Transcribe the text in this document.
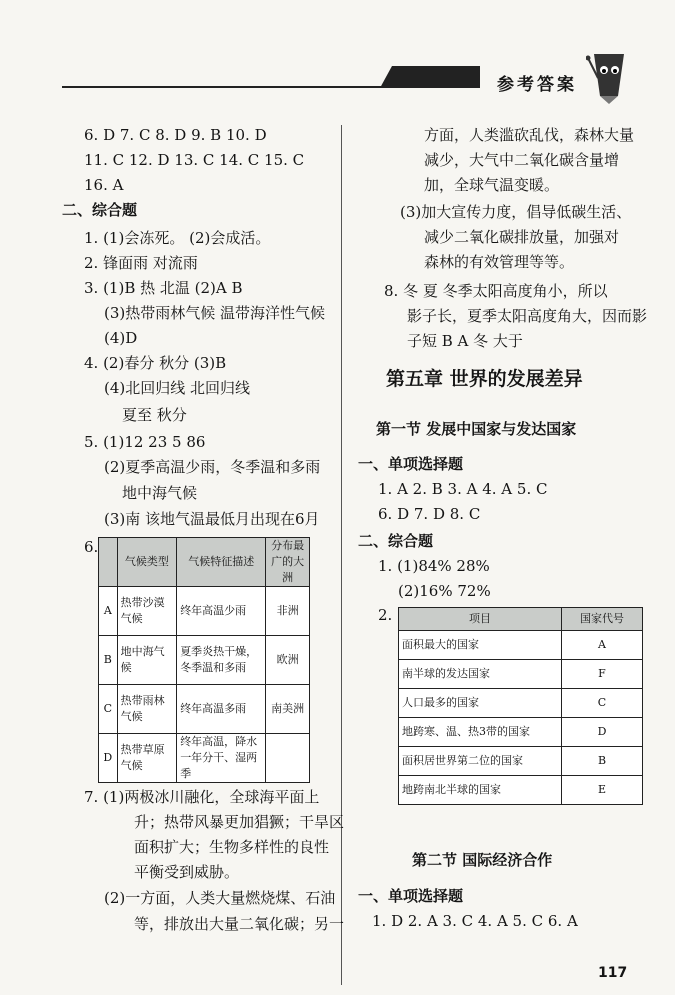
参考答案
6. D 7. C 8. D 9. B 10. D
11. C 12. D 13. C 14. C 15. C
16. A
二、综合题
1. (1)会冻死。 (2)会成活。
2. 锋面雨 对流雨
3. (1)B 热 北温 (2)A B
(3)热带雨林气候 温带海洋性气候
(4)D
4. (2)春分 秋分 (3)B
(4)北回归线 北回归线
夏至 秋分
5. (1)12 23 5 86
(2)夏季高温少雨，冬季温和多雨
地中海气候
(3)南 该地气温最低月出现在6月
6.
	气候类型	气候特征描述	分布最广的大洲
A	热带沙漠气候	终年高温少雨	非洲
B	地中海气候	夏季炎热干燥，冬季温和多雨	欧洲
C	热带雨林气候	终年高温多雨	南美洲
D	热带草原气候	终年高温，降水一年分干、湿两季	
7. (1)两极冰川融化，全球海平面上
升；热带风暴更加猖獗；干旱区
面积扩大；生物多样性的良性
平衡受到威胁。
(2)一方面，人类大量燃烧煤、石油
等，排放出大量二氧化碳；另一
方面，人类滥砍乱伐，森林大量
减少，大气中二氧化碳含量增
加，全球气温变暖。
(3)加大宣传力度，倡导低碳生活、
减少二氧化碳排放量，加强对
森林的有效管理等等。
8. 冬 夏 冬季太阳高度角小，所以
影子长，夏季太阳高度角大，因而影
子短 B A 冬 大于
第五章 世界的发展差异
第一节 发展中国家与发达国家
一、单项选择题
1. A 2. B 3. A 4. A 5. C
6. D 7. D 8. C
二、综合题
1. (1)84% 28%
(2)16% 72%
2.	项目	国家代号
面积最大的国家	A
南半球的发达国家	F
人口最多的国家	C
地跨寒、温、热3带的国家	D
面积居世界第二位的国家	B
地跨南北半球的国家	E
第二节 国际经济合作
一、单项选择题
1. D 2. A 3. C 4. A 5. C 6. A
117
